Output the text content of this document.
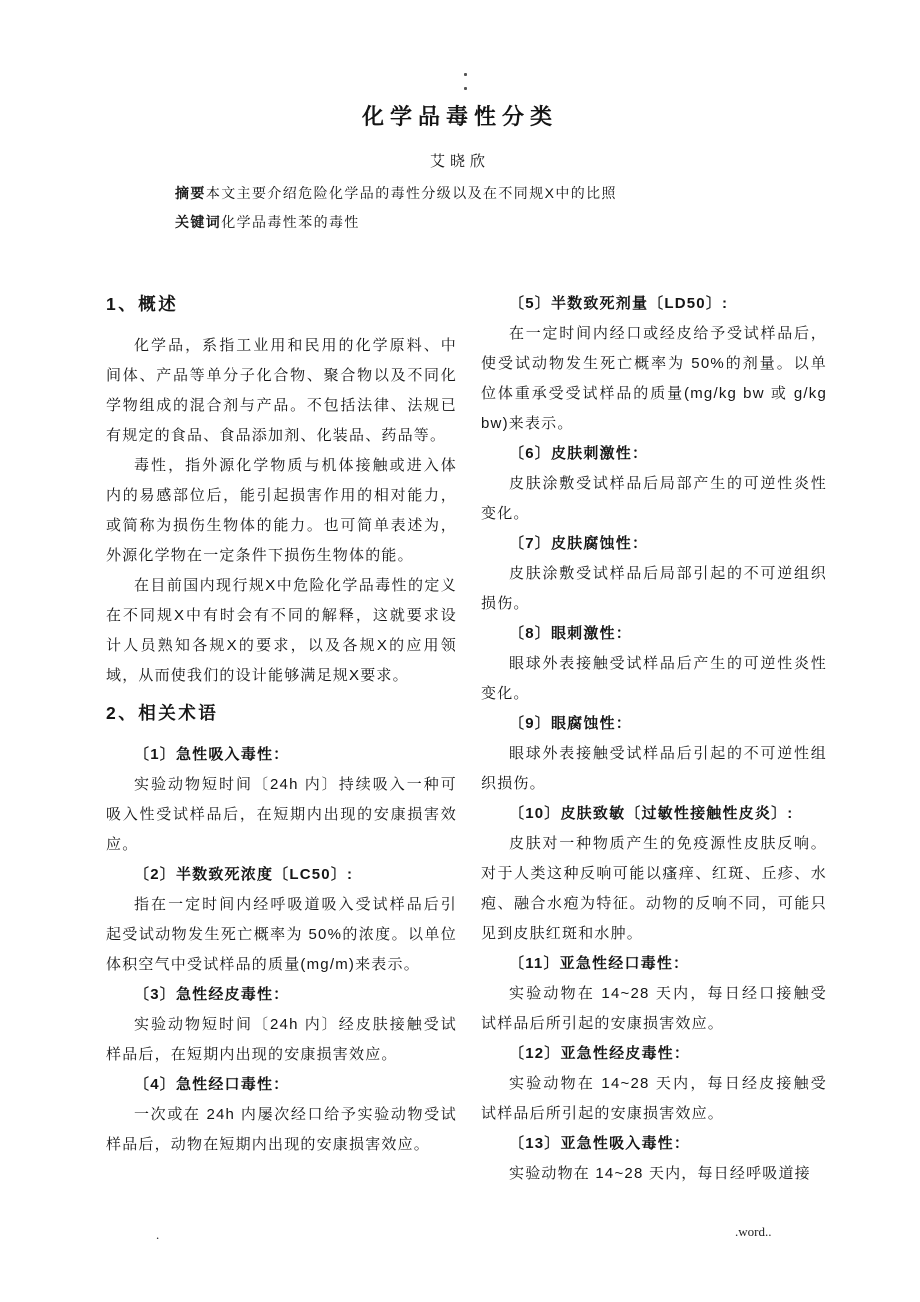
化学品毒性分类
艾晓欣
摘要本文主要介绍危险化学品的毒性分级以及在不同规X中的比照
关键词化学品毒性苯的毒性
1、概述

化学品，系指工业用和民用的化学原料、中间体、产品等单分子化合物、聚合物以及不同化学物组成的混合剂与产品。不包括法律、法规已有规定的食品、食品添加剂、化装品、药品等。

毒性，指外源化学物质与机体接触或进入体内的易感部位后，能引起损害作用的相对能力，或简称为损伤生物体的能力。也可简单表述为，外源化学物在一定条件下损伤生物体的能。

在目前国内现行规X中危险化学品毒性的定义在不同规X中有时会有不同的解释，这就要求设计人员熟知各规X的要求，以及各规X的应用领域，从而使我们的设计能够满足规X要求。

2、相关术语

〔1〕急性吸入毒性：

实验动物短时间〔24h 内〕持续吸入一种可吸入性受试样品后，在短期内出现的安康损害效应。

〔2〕半数致死浓度〔LC50〕:

指在一定时间内经呼吸道吸入受试样品后引起受试动物发生死亡概率为 50%的浓度。以单位体积空气中受试样品的质量(mg/m)来表示。

〔3〕急性经皮毒性：

实验动物短时间〔24h 内〕经皮肤接触受试样品后，在短期内出现的安康损害效应。

〔4〕急性经口毒性：

一次或在 24h 内屡次经口给予实验动物受试样品后，动物在短期内出现的安康损害效应。

〔5〕半数致死剂量〔LD50〕:

在一定时间内经口或经皮给予受试样品后，使受试动物发生死亡概率为 50%的剂量。以单位体重承受受试样品的质量(mg/kg bw 或 g/kg bw)来表示。

〔6〕皮肤刺激性：

皮肤涂敷受试样品后局部产生的可逆性炎性变化。

〔7〕皮肤腐蚀性：

皮肤涂敷受试样品后局部引起的不可逆组织损伤。

〔8〕眼刺激性：

眼球外表接触受试样品后产生的可逆性炎性变化。

〔9〕眼腐蚀性：

眼球外表接触受试样品后引起的不可逆性组织损伤。

〔10〕皮肤致敏〔过敏性接触性皮炎〕:

皮肤对一种物质产生的免疫源性皮肤反响。对于人类这种反响可能以瘙痒、红斑、丘疹、水疱、融合水疱为特征。动物的反响不同，可能只见到皮肤红斑和水肿。

〔11〕亚急性经口毒性：

实验动物在 14~28 天内，每日经口接触受试样品后所引起的安康损害效应。

〔12〕亚急性经皮毒性：

实验动物在 14~28 天内，每日经皮接触受试样品后所引起的安康损害效应。

〔13〕亚急性吸入毒性：

实验动物在 14~28 天内，每日经呼吸道接

.	.word..
